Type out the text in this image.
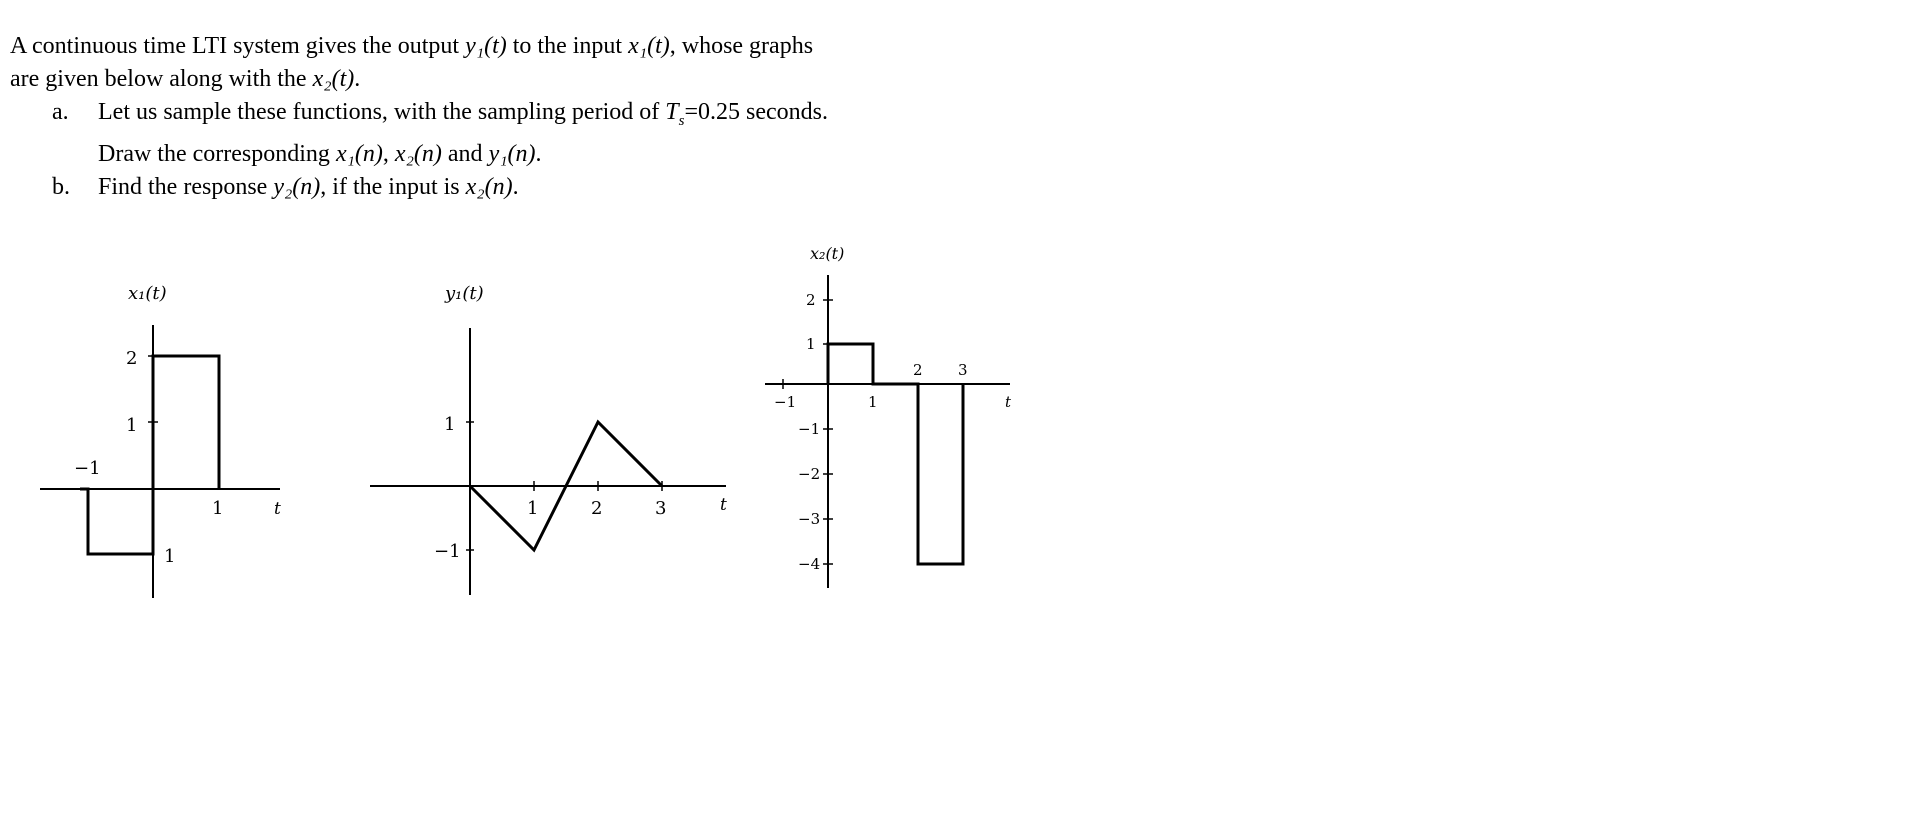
A continuous time LTI system gives the output y₁(t) to the input x₁(t), whose graphs
are given below along with the x₂(t).
a. Let us sample these functions, with the sampling period of $T_s=0.25$ seconds.
Draw the corresponding x₁(n), x₂(n) and y₁(n).
b. Find the response y₂(n), if the input is x₂(n).
x₁(t)
2
1
−1
1
1
t
y₁(t)
1
−1
1	2	3	t
x₂(t)
2
1
−1
−2
−3
−4
−1	1
2 3
t
